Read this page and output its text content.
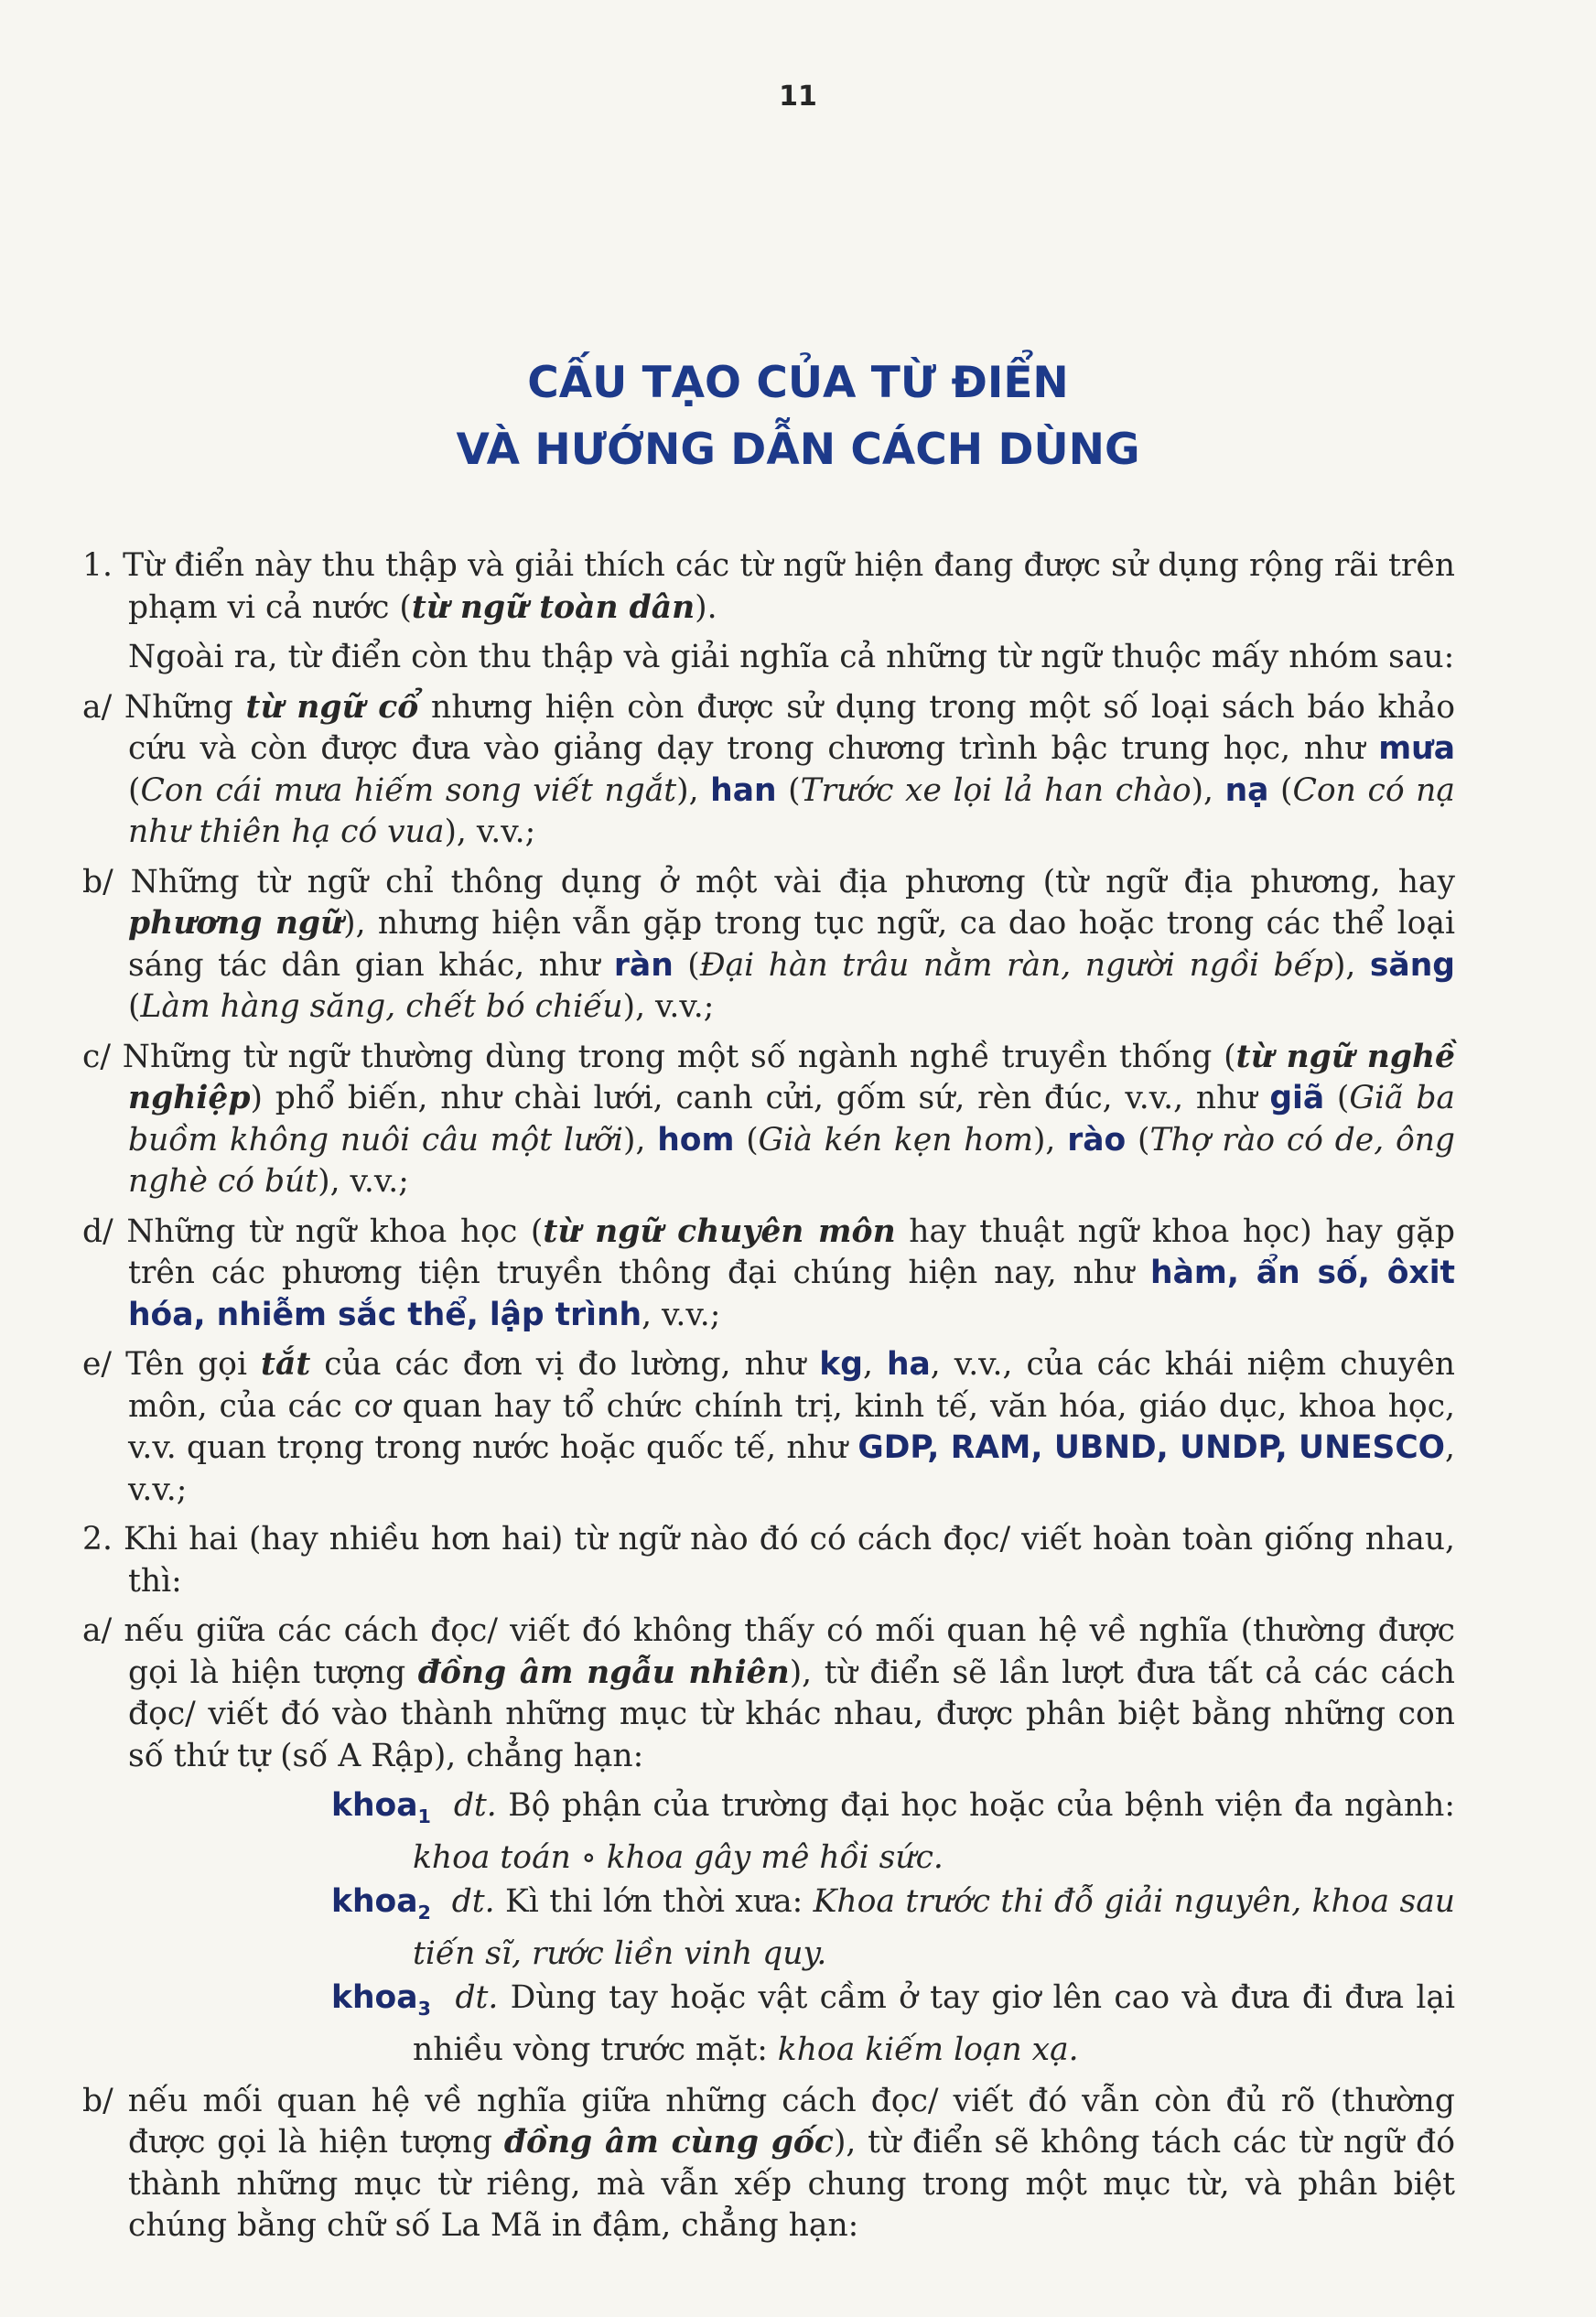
11
CẤU TẠO CỦA TỪ ĐIỂN
VÀ HƯỚNG DẪN CÁCH DÙNG

1. Từ điển này thu thập và giải thích các từ ngữ hiện đang được sử dụng rộng rãi trên phạm vi cả nước (từ ngữ toàn dân).

Ngoài ra, từ điển còn thu thập và giải nghĩa cả những từ ngữ thuộc mấy nhóm sau:

a/ Những từ ngữ cổ nhưng hiện còn được sử dụng trong một số loại sách báo khảo cứu và còn được đưa vào giảng dạy trong chương trình bậc trung học, như mưa (Con cái mưa hiếm song viết ngắt), han (Trước xe lọi lả han chào), nạ (Con có nạ như thiên hạ có vua), v.v.;

b/ Những từ ngữ chỉ thông dụng ở một vài địa phương (từ ngữ địa phương, hay phương ngữ), nhưng hiện vẫn gặp trong tục ngữ, ca dao hoặc trong các thể loại sáng tác dân gian khác, như ràn (Đại hàn trâu nằm ràn, người ngồi bếp), săng (Làm hàng săng, chết bó chiếu), v.v.;

c/ Những từ ngữ thường dùng trong một số ngành nghề truyền thống (từ ngữ nghề nghiệp) phổ biến, như chài lưới, canh cửi, gốm sứ, rèn đúc, v.v., như giã (Giã ba buồm không nuôi câu một lưỡi), hom (Già kén kẹn hom), rào (Thợ rào có de, ông nghè có bút), v.v.;

d/ Những từ ngữ khoa học (từ ngữ chuyên môn hay thuật ngữ khoa học) hay gặp trên các phương tiện truyền thông đại chúng hiện nay, như hàm, ẩn số, ôxit hóa, nhiễm sắc thể, lập trình, v.v.;

e/ Tên gọi tắt của các đơn vị đo lường, như kg, ha, v.v., của các khái niệm chuyên môn, của các cơ quan hay tổ chức chính trị, kinh tế, văn hóa, giáo dục, khoa học, v.v. quan trọng trong nước hoặc quốc tế, như GDP, RAM, UBND, UNDP, UNESCO, v.v.;

2. Khi hai (hay nhiều hơn hai) từ ngữ nào đó có cách đọc/ viết hoàn toàn giống nhau, thì:

a/ nếu giữa các cách đọc/ viết đó không thấy có mối quan hệ về nghĩa (thường được gọi là hiện tượng đồng âm ngẫu nhiên), từ điển sẽ lần lượt đưa tất cả các cách đọc/ viết đó vào thành những mục từ khác nhau, được phân biệt bằng những con số thứ tự (số A Rập), chẳng hạn:

khoa$_1$ dt. Bộ phận của trường đại học hoặc của bệnh viện đa ngành: khoa toán ∘ khoa gây mê hồi sức.

khoa$_2$ dt. Kì thi lớn thời xưa: Khoa trước thi đỗ giải nguyên, khoa sau tiến sĩ, rước liền vinh quy.

khoa$_3$ dt. Dùng tay hoặc vật cầm ở tay giơ lên cao và đưa đi đưa lại nhiều vòng trước mặt: khoa kiếm loạn xạ.

b/ nếu mối quan hệ về nghĩa giữa những cách đọc/ viết đó vẫn còn đủ rõ (thường được gọi là hiện tượng đồng âm cùng gốc), từ điển sẽ không tách các từ ngữ đó thành những mục từ riêng, mà vẫn xếp chung trong một mục từ, và phân biệt chúng bằng chữ số La Mã in đậm, chẳng hạn:
